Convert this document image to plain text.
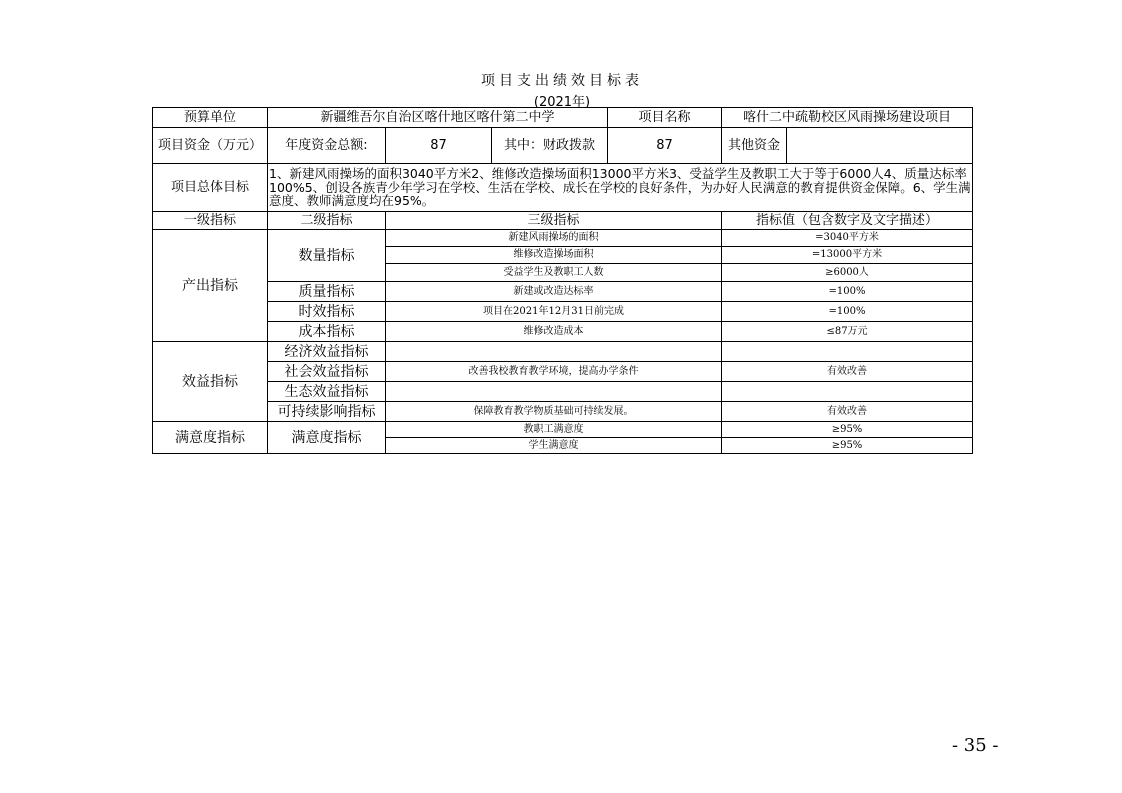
项目支出绩效目标表
(2021年)
预算单位	新疆维吾尔自治区喀什地区喀什第二中学			项目名称	喀什二中疏勒校区风雨操场建设项目	
项目资金（万元）	年度资金总额:	87	其中：财政拨款	87	其他资金	
项目总体目标	1、新建风雨操场的面积3040平方米2、维修改造操场面积13000平方米3、受益学生及教职工大于等于6000人4、质量达标率100%5、创设各族青少年学习在学校、生活在学校、成长在学校的良好条件，为办好人民满意的教育提供资金保障。6、学生满意度、教师满意度均在95%。					
一级指标	二级指标	三级指标			指标值（包含数字及文字描述）	
产出指标	数量指标	新建风雨操场的面积			=3040平方米	
		维修改造操场面积			=13000平方米	
		受益学生及教职工人数			≥6000人	
	质量指标	新建或改造达标率			=100%	
	时效指标	项目在2021年12月31日前完成			=100%	
	成本指标	维修改造成本			≤87万元	
效益指标	经济效益指标					
	社会效益指标	改善我校教育教学环境，提高办学条件			有效改善	
	生态效益指标					
	可持续影响指标	保障教育教学物质基础可持续发展。			有效改善	
满意度指标	满意度指标	教职工满意度			≥95%	
		学生满意度			≥95%	
- 35 -
